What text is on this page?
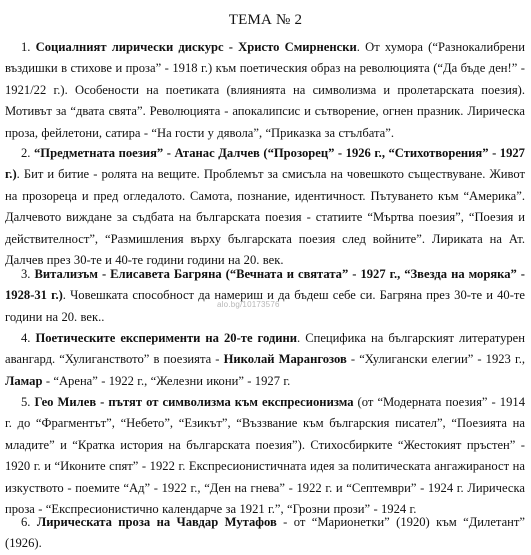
ТЕМА № 2
1. Социалният лирически дискурс - Христо Смирненски. От хумора (“Разнокалибрени въздишки в стихове и проза” - 1918 г.) към поетическия образ на революцията (“Да бъде ден!” - 1921/22 г.). Особености на поетиката (влиянията на символизма и пролетарската поезия). Мотивът за “двата свята”. Революцията - апокалипсис и сътворение, огнен празник. Лирическа проза, фейлетони, сатира - “На гости у дявола”, “Приказка за стълбата”.
2. “Предметната поезия” - Атанас Далчев (“Прозорец” - 1926 г., “Стихотворения” - 1927 г.). Бит и битие - ролята на вещите. Проблемът за смисъла на човешкото съществуване. Живот на прозореца и пред огледалото. Самота, познание, идентичност. Пътуването към “Америка”. Далчевото виждане за съдбата на българската поезия - статиите “Мъртва поезия”, “Поезия и действителност”, “Размишления върху българската поезия след войните”. Лириката на Ат. Далчев през 30-те и 40-те години години на 20. век.
3. Витализъм - Елисавета Багряна (“Вечната и святата” - 1927 г., “Звезда на моряка” - 1928-31 г.). Човешката способност да намериш и да бъдеш себе си. Багряна през 30-те и 40-те години на 20. век..
alo.bg/10173576
4. Поетическите експерименти на 20-те години. Спецификa на българският литературен авангард. “Хулиганството” в поезията - Николай Марангозов - “Хулигански елегии” - 1923 г., Ламар - “Арена” - 1922 г., “Железни икони” - 1927 г.
5. Гео Милев - пътят от символизма към експресионизма (от “Модерната поезия” - 1914 г. до “Фрагментът”, “Небето”, “Езикът”, “Въззвание към българския писател”, “Поезията на младите” и “Кратка история на българската поезия”). Стихосбирките “Жестокият пръстен” - 1920 г. и “Иконите спят” - 1922 г. Експресионистичната идея за политическата ангажираност на изкуството - поемите “Ад” - 1922 г., “Ден на гнева” - 1922 г. и “Септември” - 1924 г. Лирическа проза - “Експресионистично календарче за 1921 г.”, “Грозни прози” - 1924 г.
6. Лирическата проза на Чавдар Мутафов - от “Марионетки” (1920) към “Дилетант” (1926).
